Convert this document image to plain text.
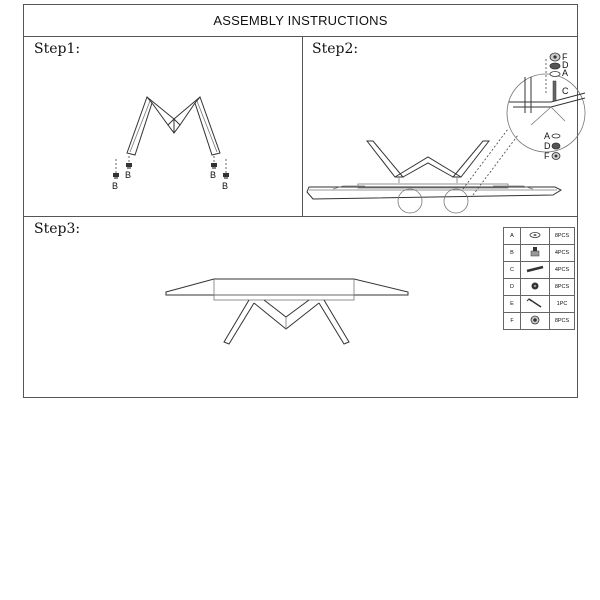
ASSEMBLY INSTRUCTIONS
Step1:
B
B
B
B
Step2:	F
D
A
C
A
D
F
Step3:	A		8PCS
B		4PCS
C		4PCS
D		8PCS
E		1PC
F		8PCS
